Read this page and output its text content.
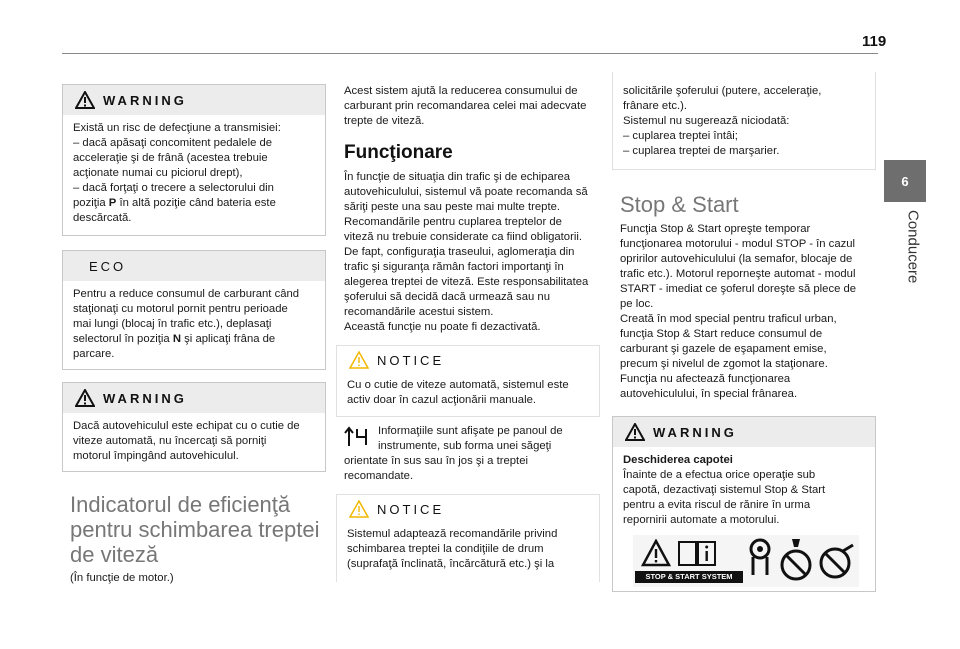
119
6
Conducere
WARNING

Există un risc de defecţiune a transmisiei:

– dacă apăsaţi concomitent pedalele de

acceleraţie şi de frână (acestea trebuie

acţionate numai cu piciorul drept),

– dacă forţaţi o trecere a selectorului din

poziţia P în altă poziţie când bateria este

descărcată.

ECO

Pentru a reduce consumul de carburant când

staţionaţi cu motorul pornit pentru perioade

mai lungi (blocaj în trafic etc.), deplasaţi

selectorul în poziţia N şi aplicaţi frâna de

parcare.

WARNING

Dacă autovehiculul este echipat cu o cutie de

viteze automată, nu încercaţi să porniţi

motorul împingând autovehiculul.

Indicatorul de eficienţă
pentru schimbarea treptei
de viteză
(În funcţie de motor.)

Acest sistem ajută la reducerea consumului de

carburant prin recomandarea celei mai adecvate

trepte de viteză.

Funcţionare

În funcţie de situaţia din trafic şi de echiparea

autovehiculului, sistemul vă poate recomanda să

săriţi peste una sau peste mai multe trepte.

Recomandările pentru cuplarea treptelor de

viteză nu trebuie considerate ca fiind obligatorii.

De fapt, configuraţia traseului, aglomeraţia din

trafic şi siguranţa rămân factori importanţi în

alegerea treptei de viteză. Este responsabilitatea

şoferului să decidă dacă urmează sau nu

recomandările acestui sistem.

Această funcţie nu poate fi dezactivată.

NOTICE

Cu o cutie de viteze automată, sistemul este

activ doar în cazul acţionării manuale.

Informaţiile sunt afişate pe panoul de

instrumente, sub forma unei săgeţi

orientate în sus sau în jos şi a treptei

recomandate.

NOTICE

Sistemul adaptează recomandările privind

schimbarea treptei la condiţiile de drum

(suprafaţă înclinată, încărcătură etc.) şi la

solicitările şoferului (putere, acceleraţie,

frânare etc.).

Sistemul nu sugerează niciodată:

– cuplarea treptei întâi;

– cuplarea treptei de marşarier.

Stop & Start

Funcţia Stop & Start opreşte temporar

funcţionarea motorului - modul STOP - în cazul

opririlor autovehiculului (la semafor, blocaje de

trafic etc.). Motorul reporneşte automat - modul

START - imediat ce şoferul doreşte să plece de

pe loc.

Creată în mod special pentru traficul urban,

funcţia Stop & Start reduce consumul de

carburant şi gazele de eşapament emise,

precum şi nivelul de zgomot la staţionare.

Funcţia nu afectează funcţionarea

autovehiculului, în special frânarea.

WARNING

Deschiderea capotei

Înainte de a efectua orice operaţie sub

capotă, dezactivaţi sistemul Stop & Start

pentru a evita riscul de rănire în urma

repornirii automate a motorului.

STOP & START SYSTEM
